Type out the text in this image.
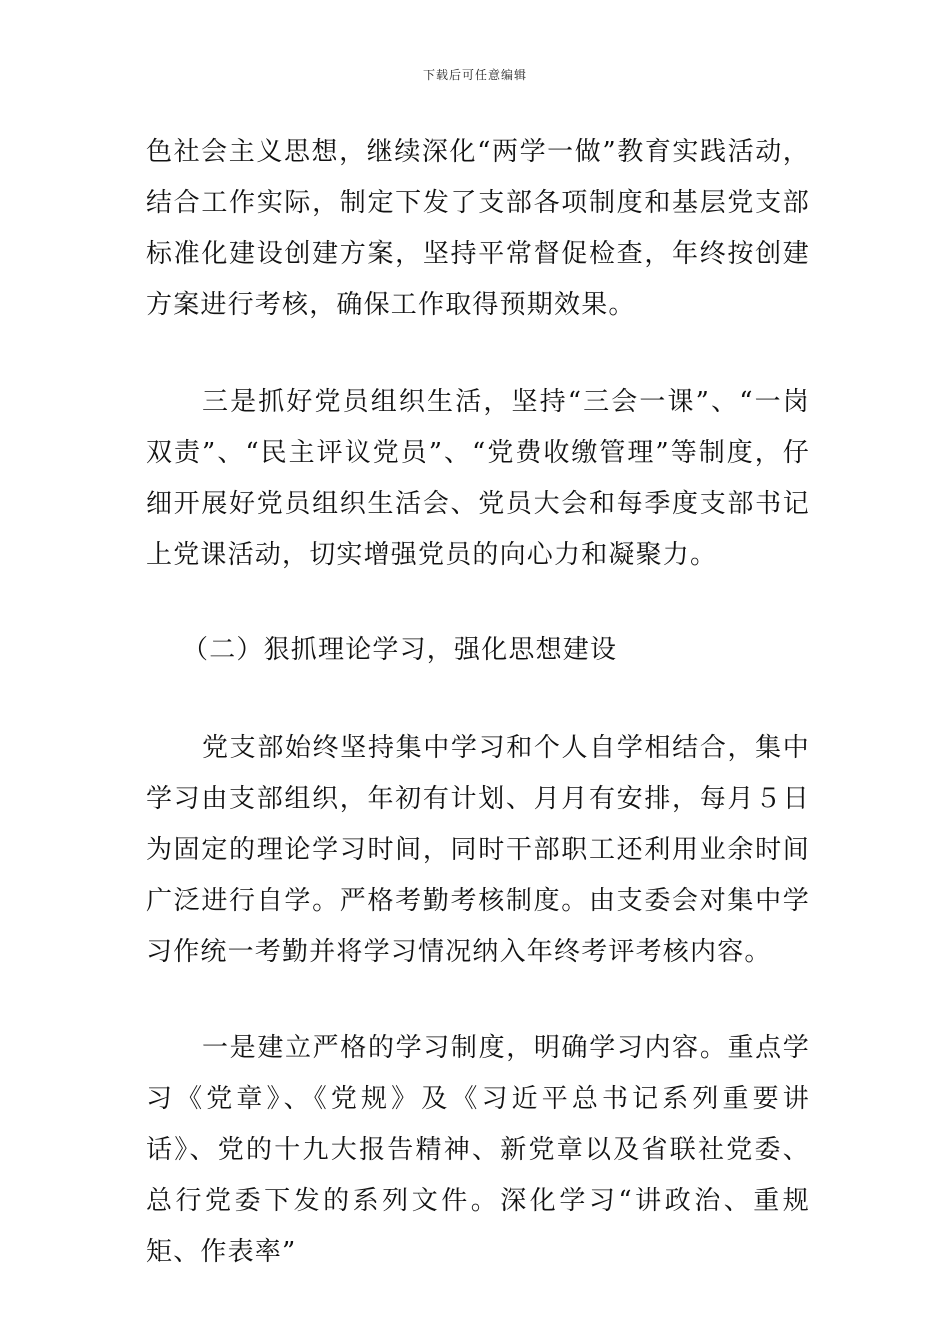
下载后可任意编辑

色社会主义思想，继续深化“两学一做”教育实践活动，结合工作实际，制定下发了支部各项制度和基层党支部标准化建设创建方案，坚持平常督促检查，年终按创建方案进行考核，确保工作取得预期效果。

三是抓好党员组织生活，坚持“三会一课”、“一岗双责”、“民主评议党员”、“党费收缴管理”等制度，仔细开展好党员组织生活会、党员大会和每季度支部书记上党课活动，切实增强党员的向心力和凝聚力。

（二）狠抓理论学习，强化思想建设

党支部始终坚持集中学习和个人自学相结合，集中学习由支部组织，年初有计划、月月有安排，每月５日为固定的理论学习时间，同时干部职工还利用业余时间广泛进行自学。严格考勤考核制度。由支委会对集中学习作统一考勤并将学习情况纳入年终考评考核内容。

一是建立严格的学习制度，明确学习内容。重点学习《党章》、《党规》及《习近平总书记系列重要讲话》、党的十九大报告精神、新党章以及省联社党委、总行党委下发的系列文件。深化学习“讲政治、重规矩、作表率”
